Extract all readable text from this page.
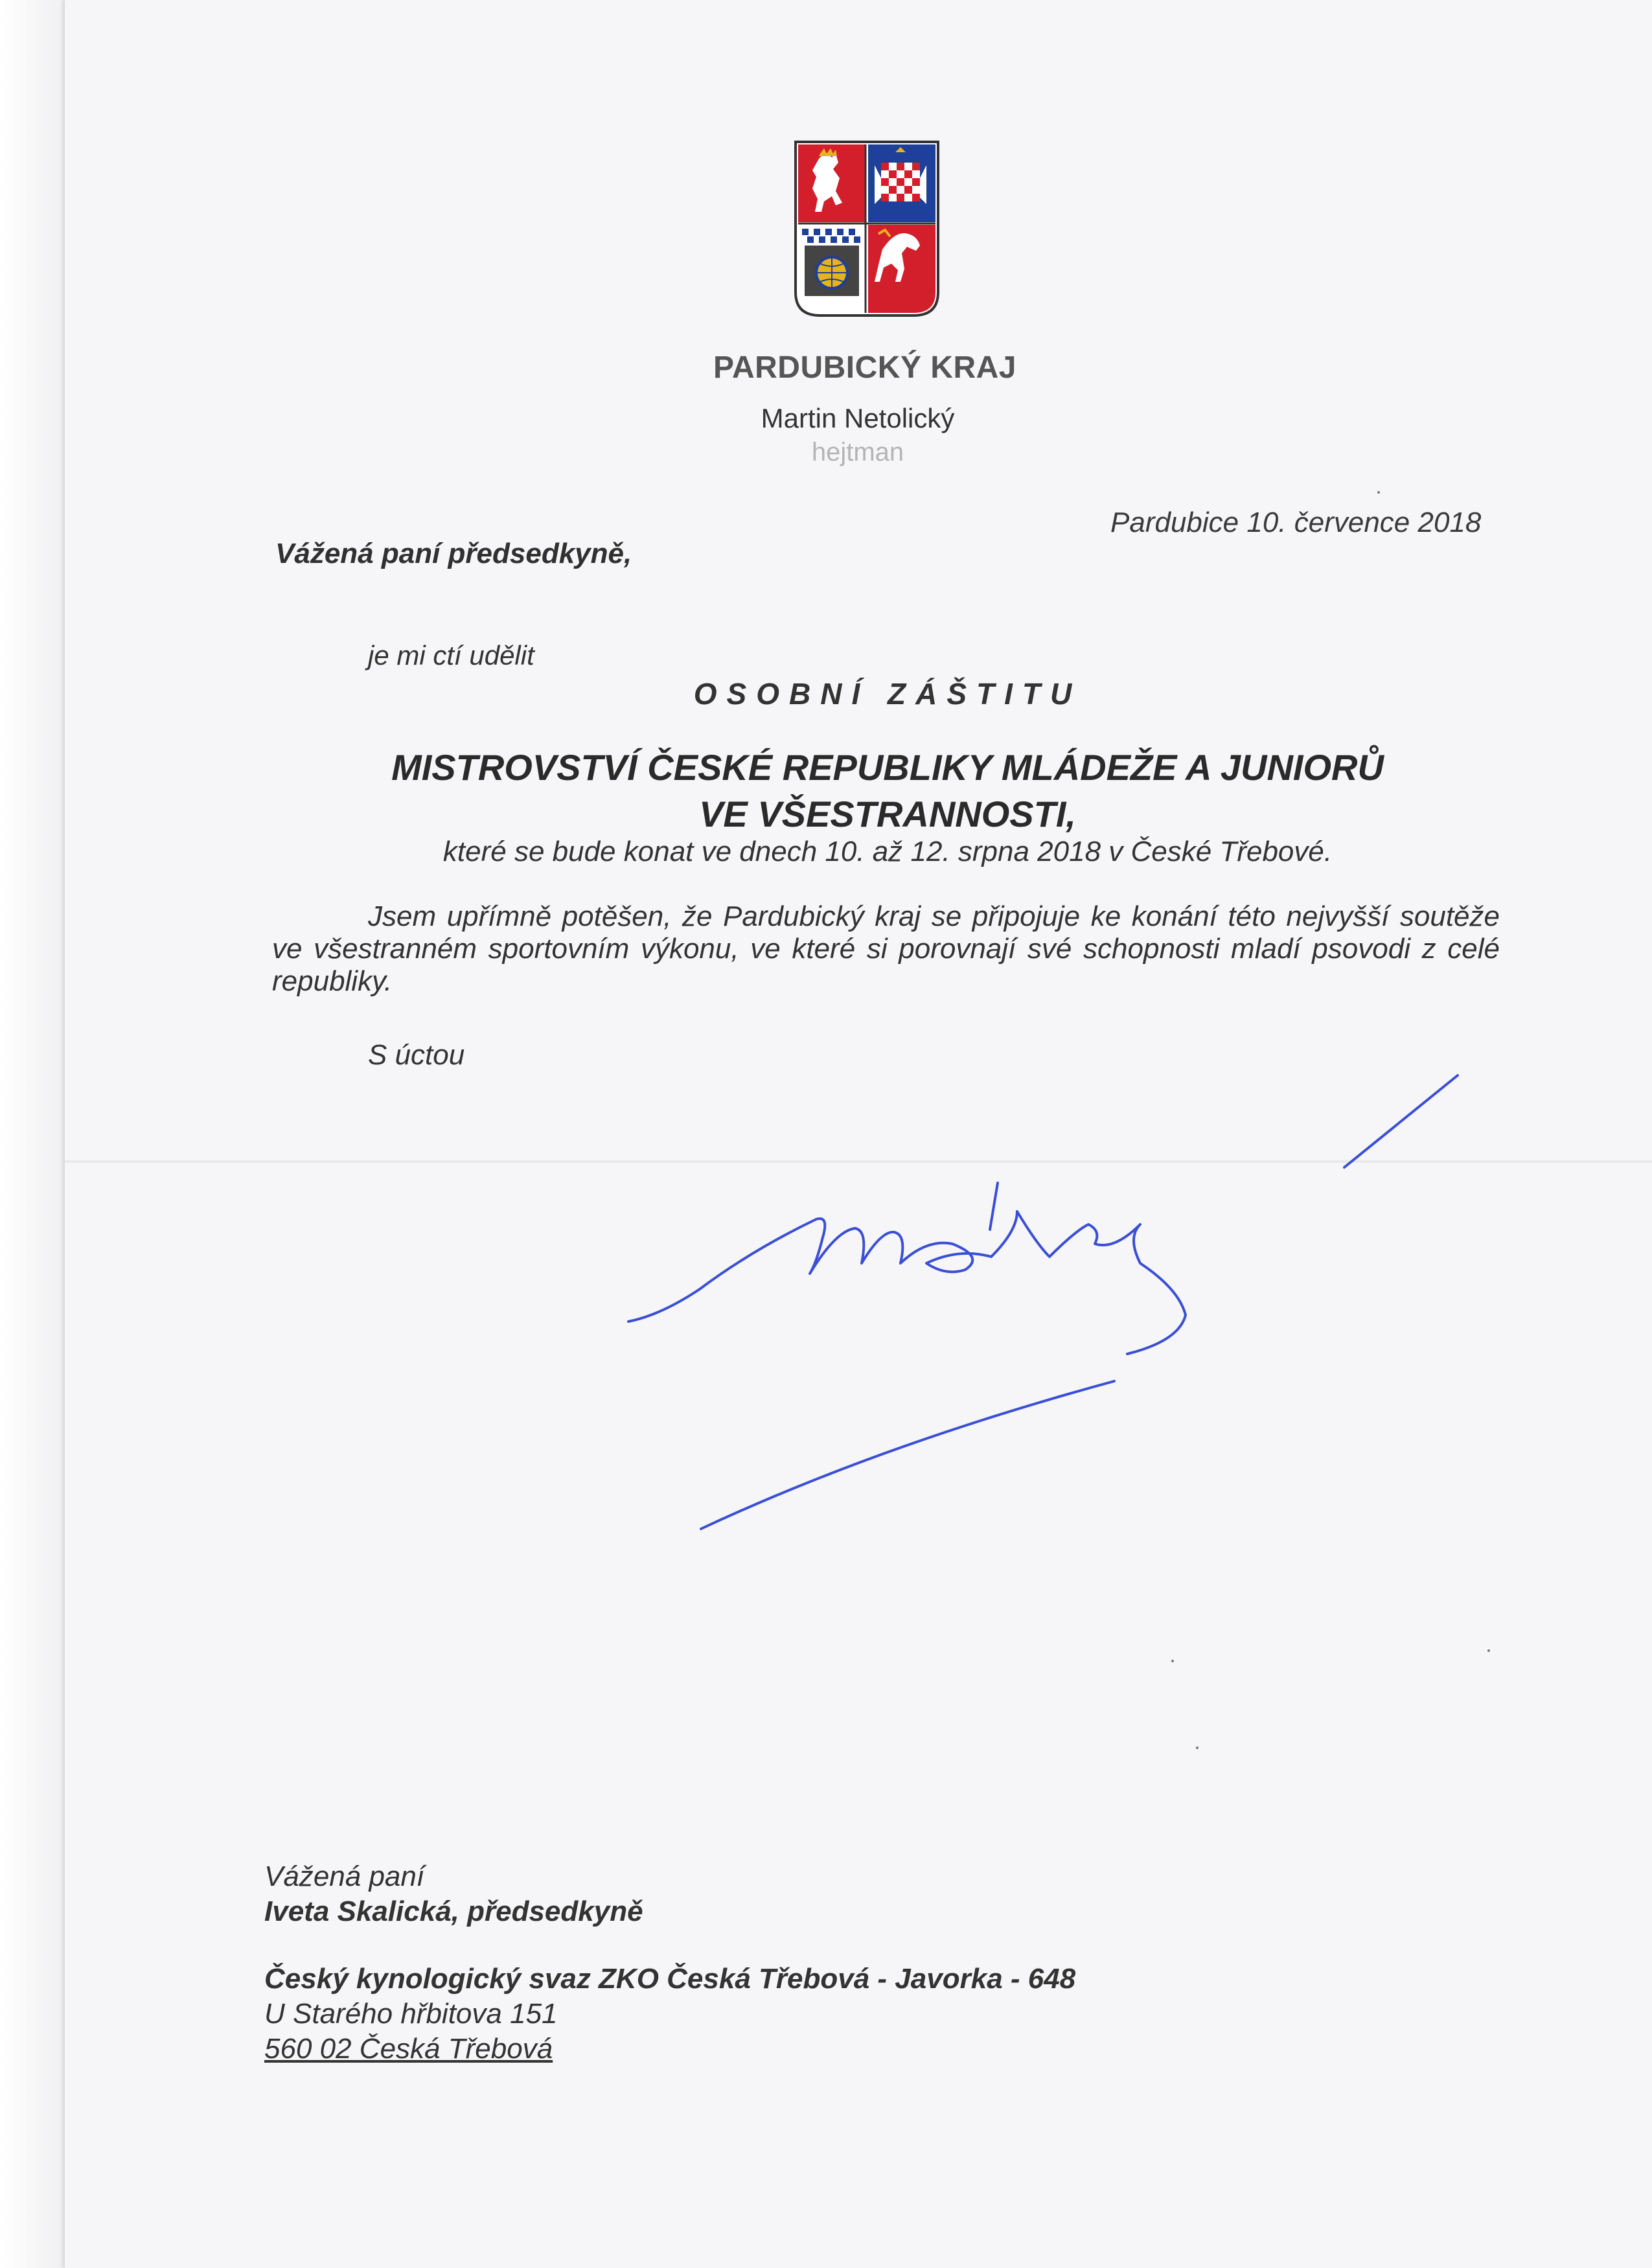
PARDUBICKÝ KRAJ
Martin Netolický
hejtman
Pardubice 10. července 2018
Vážená paní předsedkyně,
je mi ctí udělit
OSOBNÍ ZÁŠTITU
MISTROVSTVÍ ČESKÉ REPUBLIKY MLÁDEŽE A JUNIORŮ
VE VŠESTRANNOSTI,
které se bude konat ve dnech 10. až 12. srpna 2018 v České Třebové.
Jsem upřímně potěšen, že Pardubický kraj se připojuje ke konání této nejvyšší soutěže ve všestranném sportovním výkonu, ve které si porovnají své schopnosti mladí psovodi z celé republiky.
S úctou
Vážená paní
Iveta Skalická, předsedkyně
Český kynologický svaz ZKO Česká Třebová - Javorka - 648
U Starého hřbitova 151
560 02 Česká Třebová
